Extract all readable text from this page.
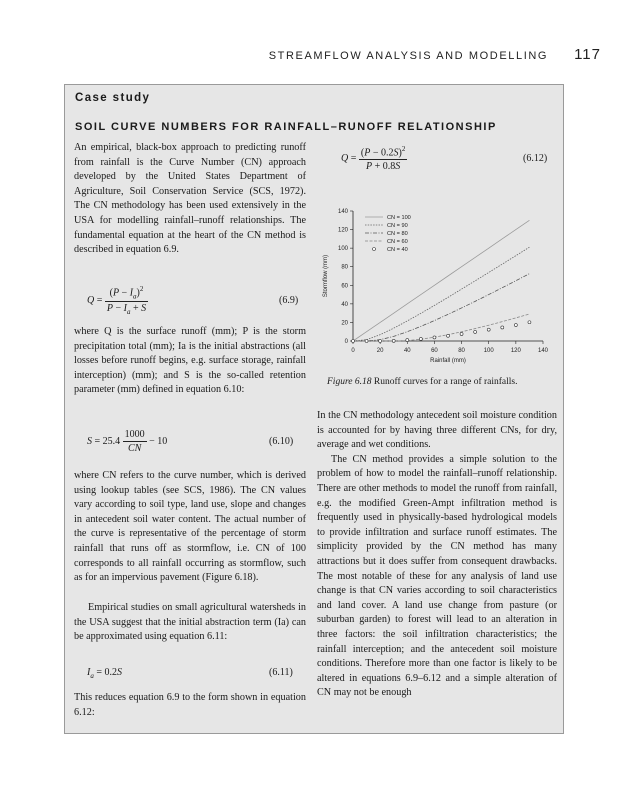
STREAMFLOW ANALYSIS AND MODELLING 117
Case study
SOIL CURVE NUMBERS FOR RAINFALL–RUNOFF RELATIONSHIP

An empirical, black-box approach to predicting runoff from rainfall is the Curve Number (CN) approach developed by the United States Department of Agriculture, Soil Conservation Service (SCS, 1972). The CN methodology has been used extensively in the USA for modelling rainfall–runoff relationships. The fundamental equation at the heart of the CN method is described in equation 6.9.

$Q = \frac{(P - I_a)^2}{P - I_a + S}$	(6.9)

where Q is the surface runoff (mm); P is the storm precipitation total (mm); Ia is the initial abstractions (all losses before runoff begins, e.g. surface storage, rainfall interception) (mm); and S is the so-called retention parameter (mm) defined in equation 6.10:

$S = 25.4 \frac{1000}{CN} - 10$	(6.10)

where CN refers to the curve number, which is derived using lookup tables (see SCS, 1986). The CN values vary according to soil type, land use, slope and changes in antecedent soil water content. The actual number of the curve is representative of the percentage of storm rainfall that runs off as stormflow, i.e. CN of 100 corresponds to all rainfall occurring as stormflow, such as for an impervious pavement (Figure 6.18).

Empirical studies on small agricultural watersheds in the USA suggest that the initial abstraction term (Ia) can be approximated using equation 6.11:

$I_a = 0.2S$	(6.11)

This reduces equation 6.9 to the form shown in equation 6.12:

$Q = \frac{(P - 0.2S)^2}{P + 0.8S}$	(6.12)
0	20	40	60	80	100	120	140
0
20
40
60
80
100
120
140
Rainfall (mm)
Stormflow (mm)
CN = 100
CN = 90
CN = 80
CN = 60
CN = 40
Figure 6.18 Runoff curves for a range of rainfalls.

In the CN methodology antecedent soil moisture condition is accounted for by having three different CNs, for dry, average and wet conditions.

The CN method provides a simple solution to the problem of how to model the rainfall–runoff relationship. There are other methods to model the runoff from rainfall, e.g. the modified Green-Ampt infiltration method is frequently used in physically-based hydrological models to provide infiltration and surface runoff estimates. The simplicity provided by the CN method has many attractions but it does suffer from consequent drawbacks. The most notable of these for any analysis of land use change is that CN varies according to soil characteristics and land cover. A land use change from pasture (or suburban garden) to forest will lead to an alteration in three factors: the soil infiltration characteristics; the rainfall interception; and the antecedent soil moisture conditions. Therefore more than one factor is likely to be altered in equations 6.9–6.12 and a simple alteration of CN may not be enough
